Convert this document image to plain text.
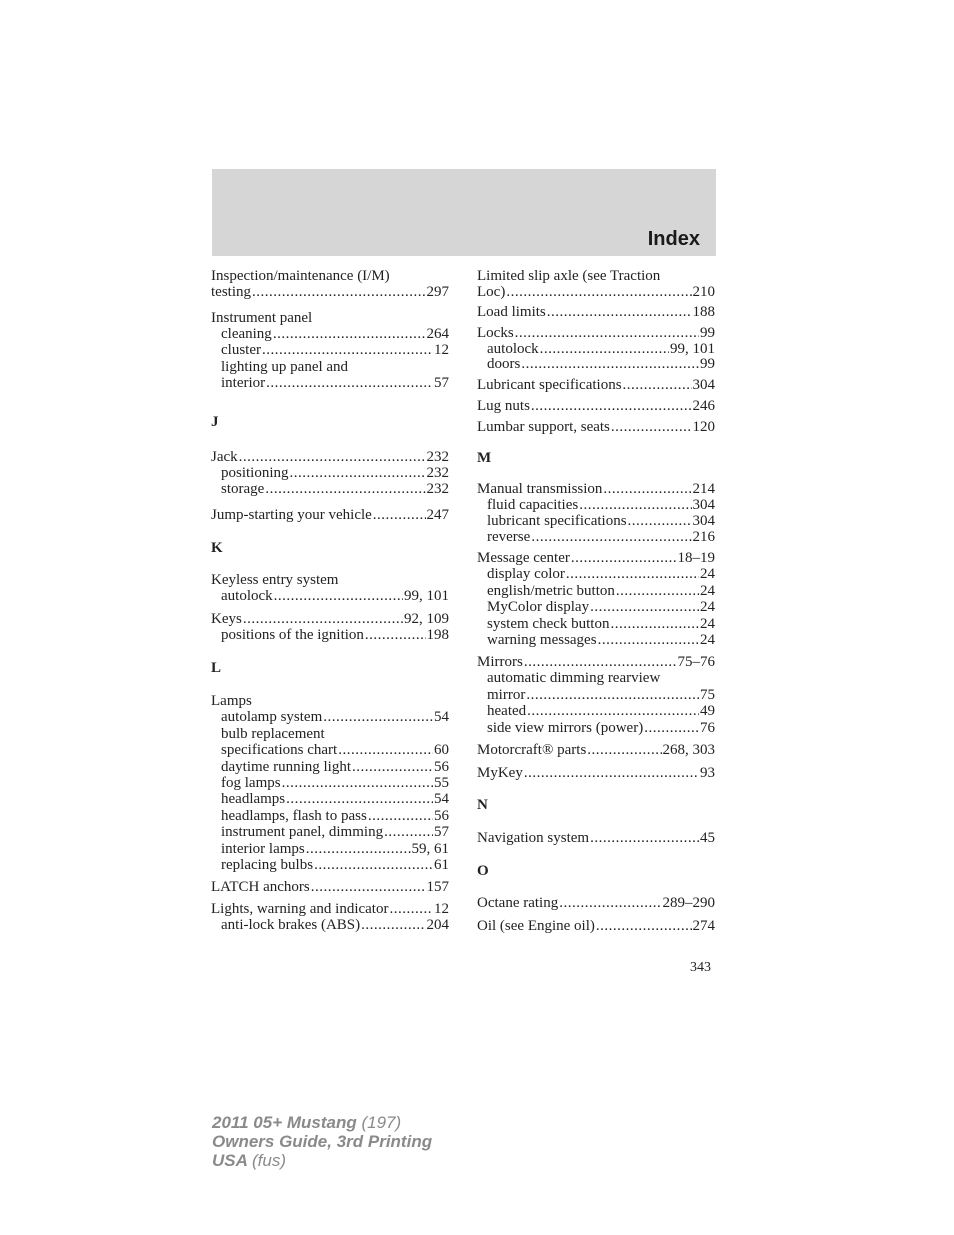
Index
Inspection/maintenance (I/M)
testing .....	297
Instrument panel
cleaning .....	264
cluster .....	12
lighting up panel and
interior .....	57
J
Jack .....	232
positioning .....	232
storage .....	232
Jump-starting your vehicle .....	247
K
Keyless entry system
autolock .....	99, 101
Keys .....	92, 109
positions of the ignition .....	198
L
Lamps
autolamp system .....	54
bulb replacement
specifications chart .....	60
daytime running light .....	56
fog lamps .....	55
headlamps .....	54
headlamps, flash to pass .....	56
instrument panel, dimming .....	57
interior lamps .....	59, 61
replacing bulbs .....	61
LATCH anchors .....	157
Lights, warning and indicator .....	12
anti-lock brakes (ABS) .....	204
Limited slip axle (see Traction
Loc) .....	210
Load limits .....	188
Locks .....	99
autolock .....	99, 101
doors .....	99
Lubricant specifications .....	304
Lug nuts .....	246
Lumbar support, seats .....	120
M
Manual transmission .....	214
fluid capacities .....	304
lubricant specifications .....	304
reverse .....	216
Message center .....	18–19
display color .....	24
english/metric button .....	24
MyColor display .....	24
system check button .....	24
warning messages .....	24
Mirrors .....	75–76
automatic dimming rearview
mirror .....	75
heated .....	49
side view mirrors (power) .....	76
Motorcraft® parts .....	268, 303
MyKey .....	93
N
Navigation system .....	45
O
Octane rating .....	289–290
Oil (see Engine oil) .....	274
343
2011 05+ Mustang (197)
Owners Guide, 3rd Printing
USA (fus)
